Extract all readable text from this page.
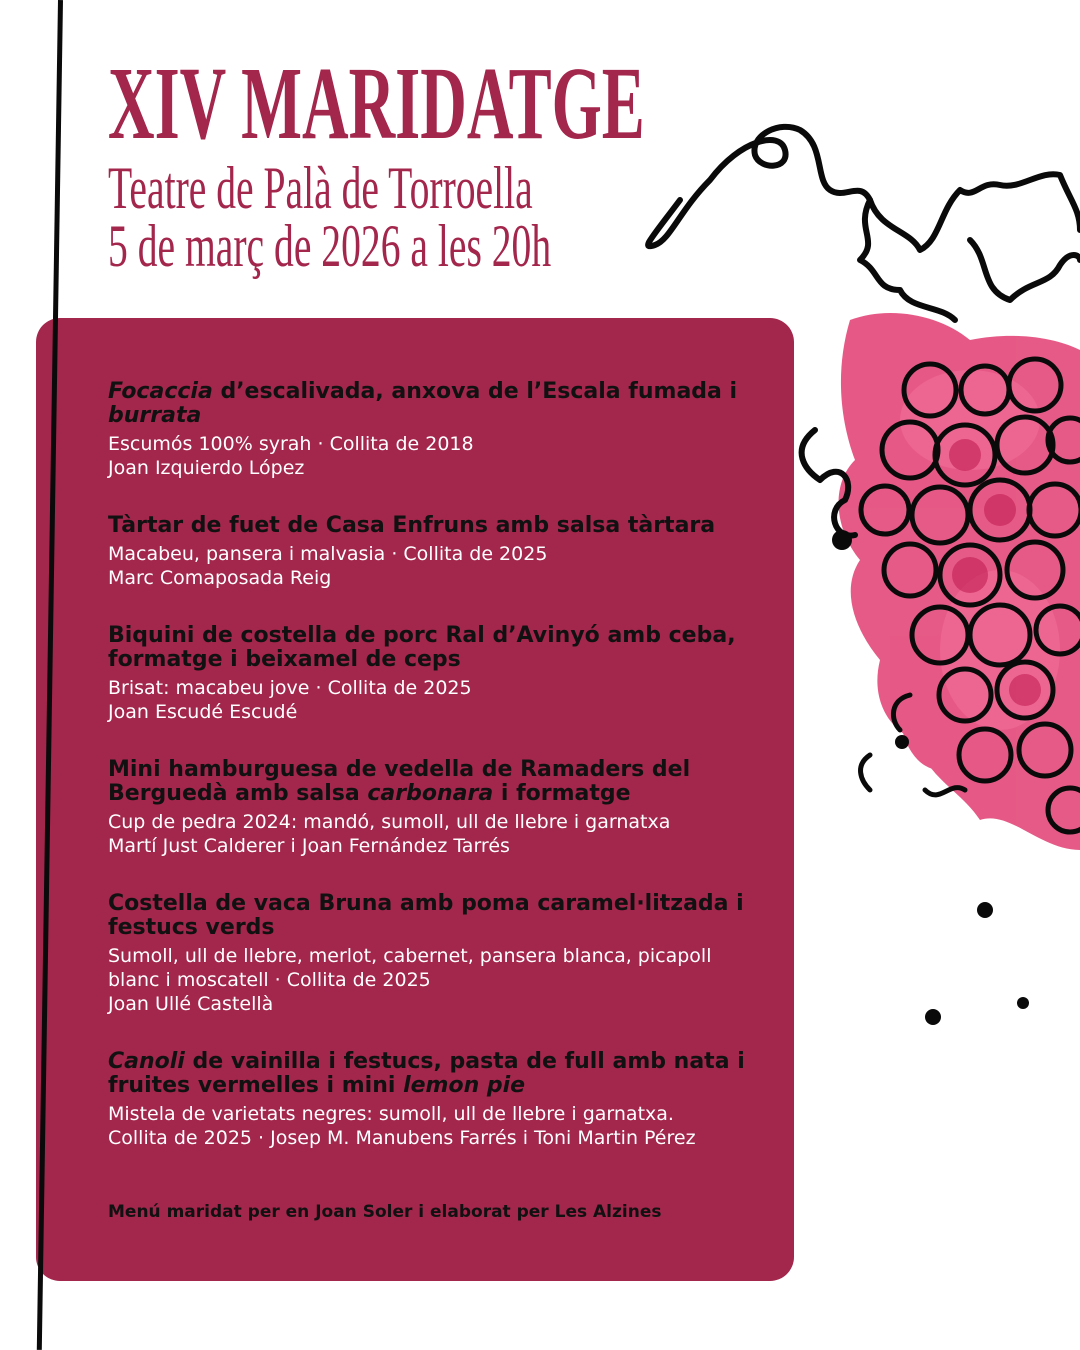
XIV MARIDATGE

Teatre de Palà de Torroella

5 de març de 2026 a les 20h

Focaccia d’escalivada, anxova de l’Escala fumada i burrata

Escumós 100% syrah · Collita de 2018

Joan Izquierdo López

Tàrtar de fuet de Casa Enfruns amb salsa tàrtara

Macabeu, pansera i malvasia · Collita de 2025

Marc Comaposada Reig

Biquini de costella de porc Ral d’Avinyó amb ceba, formatge i beixamel de ceps

Brisat: macabeu jove · Collita de 2025

Joan Escudé Escudé

Mini hamburguesa de vedella de Ramaders del Berguedà amb salsa carbonara i formatge

Cup de pedra 2024: mandó, sumoll, ull de llebre i garnatxa

Martí Just Calderer i Joan Fernández Tarrés

Costella de vaca Bruna amb poma caramel·litzada i festucs verds

Sumoll, ull de llebre, merlot, cabernet, pansera blanca, picapoll blanc i moscatell · Collita de 2025

Joan Ullé Castellà

Canoli de vainilla i festucs, pasta de full amb nata i fruites vermelles i mini lemon pie

Mistela de varietats negres: sumoll, ull de llebre i garnatxa.

Collita de 2025 · Josep M. Manubens Farrés i Toni Martin Pérez

Menú maridat per en Joan Soler i elaborat per Les Alzines
